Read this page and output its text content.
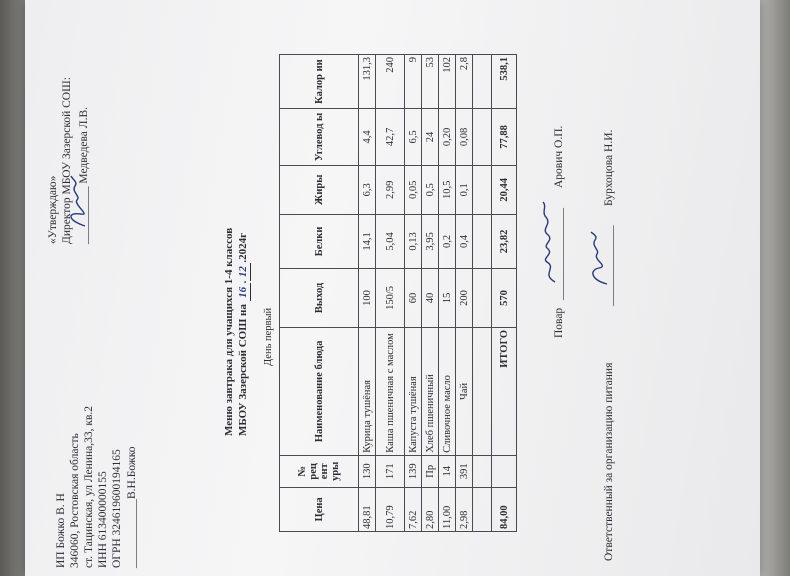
ИП Божко В. Н 346060, Ростовская область ст. Тацинская, ул Ленина,33, кв.2 ИНН 613400000155 ОГРН 324619600194165 ____________В.Н.Божко
«Утверждаю» Директор МБОУ Зазерской СОШ: __________ Медведева Л.В.
Меню завтрака для учащихся 1-4 классов МБОУ Зазерской СОШ на 16.12.2024г
День первый
Цена	№ рец ент уры	Наименование блюда	Выход	Белки	Жиры	Углевод ы	Калор ии
48,81	130	Курица тушёная	100	14,1	6,3	4,4	131,3
10,79	171	Каша пшеничная с маслом	150/5	5,04	2,99	42,7	240
7,62	139	Капуста тушёная	60	0,13	0,05	6,5	9
2,80	Пр	Хлеб пшеничный	40	3,95	0,5	24	53
11,00	14	Сливочное масло	15	0,2	10,5	0,20	102
2,98	391	Чай	200	0,4	0,1	0,08	2,8

84,00		ИТОГО	570	23,82	20,44	77,88	538,1
Повар
________________
Арович О.П.
Ответственный за организацию питания
______________
Бурхоцова Н.И.
